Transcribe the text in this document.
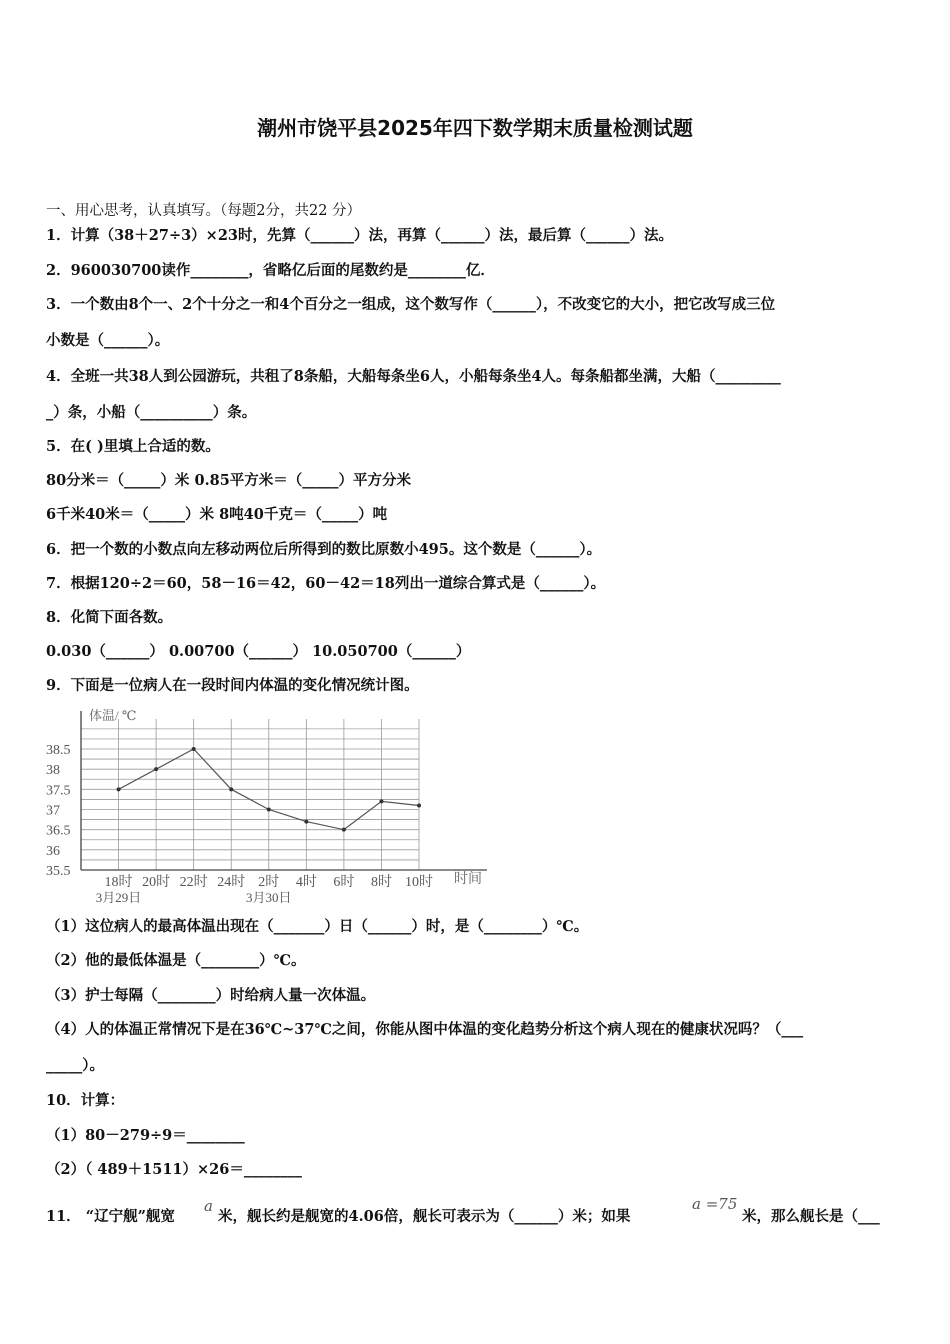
潮州市饶平县2025年四下数学期末质量检测试题
一、用心思考，认真填写。（每题2分，共22 分）
1．计算（38＋27÷3）×23时，先算（______）法，再算（______）法，最后算（______）法。
2．960030700读作________，省略亿后面的尾数约是________亿．
3．一个数由8个一、2个十分之一和4个百分之一组成，这个数写作（______），不改变它的大小，把它改写成三位
小数是（______）。
4．全班一共38人到公园游玩，共租了8条船，大船每条坐6人，小船每条坐4人。每条船都坐满，大船（_________
_）条，小船（__________）条。
5．在( )里填上合适的数。
80分米＝（_____）米 0.85平方米＝（_____）平方分米
6千米40米＝（_____）米 8吨40千克＝（_____）吨
6．把一个数的小数点向左移动两位后所得到的数比原数小495。这个数是（______）。
7．根据120÷2＝60，58－16＝42，60－42＝18列出一道综合算式是（______）。
8．化简下面各数。
0.030（______） 0.00700（______） 10.050700（______）
9．下面是一位病人在一段时间内体温的变化情况统计图。
体温/ ℃
时间
38.5
38
37.5
37
36.5
36
35.5
18时 20时 22时 24时 2时 4时 6时 8时 10时
3月29日	3月30日
（1）这位病人的最高体温出现在（_______）日（______）时，是（________）℃。
（2）他的最低体温是（________）℃。
（3）护士每隔（________）时给病人量一次体温。
（4）人的体温正常情况下是在36℃~37℃之间，你能从图中体温的变化趋势分析这个病人现在的健康状况吗？（___
_____）。
10．计算：
（1）80－279÷9＝________
（2）（ 489＋1511）×26＝________
11． “辽宁舰”舰宽
a
米，舰长约是舰宽的4.06倍，舰长可表示为（______）米；如果
a =75
米，那么舰长是（___
